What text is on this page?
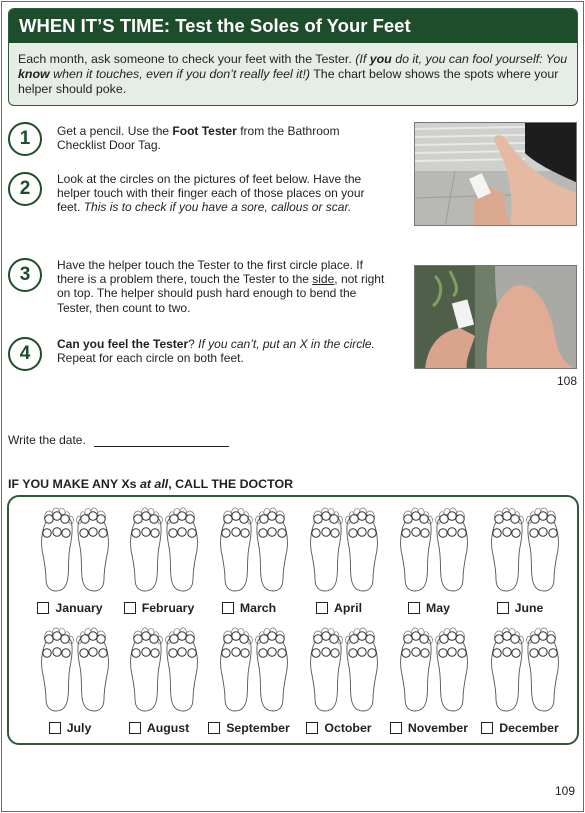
WHEN IT’S TIME: Test the Soles of Your Feet
Each month, ask someone to check your feet with the Tester. (If you do it, you can fool yourself: You know when it touches, even if you don’t really feel it!) The chart below shows the spots where your helper should poke.
1	Get a pencil. Use the Foot Tester from the Bathroom Checklist Door Tag.
2	Look at the circles on the pictures of feet below. Have the helper touch with their finger each of those places on your feet. This is to check if you have a sore, callous or scar.
3	Have the helper touch the Tester to the first circle place. If there is a problem there, touch the Tester to the side, not right on top. The helper should push hard enough to bend the Tester, then count to two.
4	Can you feel the Tester? If you can’t, put an X in the circle. Repeat for each circle on both feet.
108
Write the date.
IF YOU MAKE ANY Xs at all, CALL THE DOCTOR
January	February	March	April	May	June
July	August	September	October	November	December
109
